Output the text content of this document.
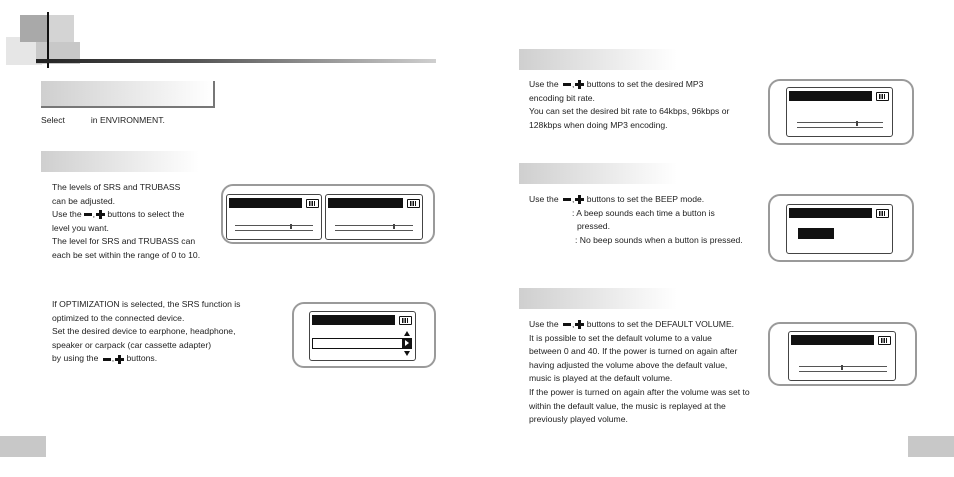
Select	in ENVIRONMENT.
The levels of SRS and TRUBASS
can be adjusted.
Use the , buttons to select the
level you want.
The level for SRS and TRUBASS can
each be set within the range of 0 to 10.
If OPTIMIZATION is selected, the SRS function is
optimized to the connected device.
Set the desired device to earphone, headphone,
speaker or carpack (car cassette adapter)
by using the , buttons.
Use the , buttons to set the desired MP3
encoding bit rate.
You can set the desired bit rate to 64kbps, 96kbps or
128kbps when doing MP3 encoding.
Use the , buttons to set the BEEP mode.
: A beep sounds each time a button is
pressed.
: No beep sounds when a button is pressed.
Use the , buttons to set the DEFAULT VOLUME.
It is possible to set the default volume to a value
between 0 and 40. If the power is turned on again after
having adjusted the volume above the default value,
music is played at the default volume.
If the power is turned on again after the volume was set to
within the default value, the music is replayed at the
previously played volume.
